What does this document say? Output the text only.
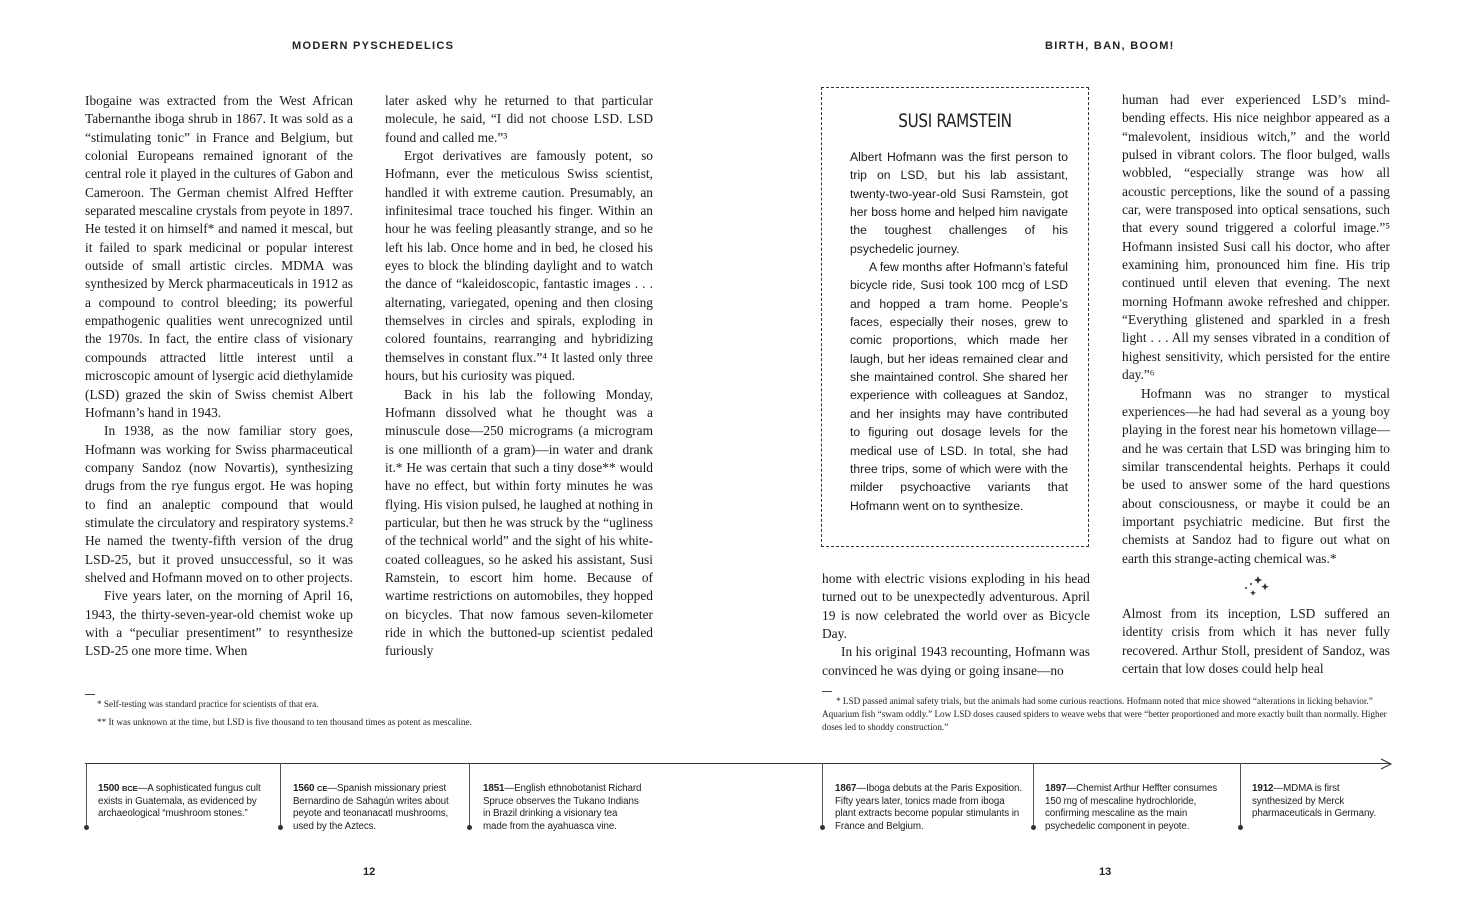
MODERN PYSCHEDELICS	BIRTH, BAN, BOOM!

Ibogaine was extracted from the West African Tabernanthe iboga shrub in 1867. It was sold as a “stimulating tonic” in France and Belgium, but colonial Europeans remained ignorant of the central role it played in the cultures of Gabon and Cameroon. The German chemist Alfred Heffter separated mescaline crystals from peyote in 1897. He tested it on himself* and named it mescal, but it failed to spark medicinal or popular interest outside of small artistic circles. MDMA was synthesized by Merck pharmaceuticals in 1912 as a compound to control bleeding; its powerful empathogenic qualities went unrecognized until the 1970s. In fact, the entire class of visionary compounds attracted little interest until a microscopic amount of lysergic acid diethylamide (LSD) grazed the skin of Swiss chemist Albert Hofmann’s hand in 1943.

In 1938, as the now familiar story goes, Hofmann was working for Swiss pharmaceutical company Sandoz (now Novartis), synthesizing drugs from the rye fungus ergot. He was hoping to find an analeptic compound that would stimulate the circulatory and respiratory systems.² He named the twenty-fifth version of the drug LSD-25, but it proved unsuccessful, so it was shelved and Hofmann moved on to other projects.

Five years later, on the morning of April 16, 1943, the thirty-seven-year-old chemist woke up with a “peculiar presentiment” to resynthesize LSD-25 one more time. When

later asked why he returned to that particular molecule, he said, “I did not choose LSD. LSD found and called me.”³

Ergot derivatives are famously potent, so Hofmann, ever the meticulous Swiss scientist, handled it with extreme caution. Presumably, an infinitesimal trace touched his finger. Within an hour he was feeling pleasantly strange, and so he left his lab. Once home and in bed, he closed his eyes to block the blinding daylight and to watch the dance of “kaleidoscopic, fantastic images . . . alternating, variegated, opening and then closing themselves in circles and spirals, exploding in colored fountains, rearranging and hybridizing themselves in constant flux.”⁴ It lasted only three hours, but his curiosity was piqued.

Back in his lab the following Monday, Hofmann dissolved what he thought was a minuscule dose—250 micrograms (a microgram is one millionth of a gram)—in water and drank it.* He was certain that such a tiny dose** would have no effect, but within forty minutes he was flying. His vision pulsed, he laughed at nothing in particular, but then he was struck by the “ugliness of the technical world” and the sight of his white-coated colleagues, so he asked his assistant, Susi Ramstein, to escort him home. Because of wartime restrictions on automobiles, they hopped on bicycles. That now famous seven-kilometer ride in which the buttoned-up scientist pedaled furiously

* Self-testing was standard practice for scientists of that era.
** It was unknown at the time, but LSD is five thousand to ten thousand times as potent as mescaline.
SUSI RAMSTEIN

Albert Hofmann was the first person to trip on LSD, but his lab assistant, twenty-two-year-old Susi Ramstein, got her boss home and helped him navigate the toughest challenges of his psychedelic journey.

A few months after Hofmann’s fateful bicycle ride, Susi took 100 mcg of LSD and hopped a tram home. People’s faces, especially their noses, grew to comic proportions, which made her laugh, but her ideas remained clear and she maintained control. She shared her experience with colleagues at Sandoz, and her insights may have contributed to figuring out dosage levels for the medical use of LSD. In total, she had three trips, some of which were with the milder psychoactive variants that Hofmann went on to synthesize.

home with electric visions exploding in his head turned out to be unexpectedly adventurous. April 19 is now celebrated the world over as Bicycle Day.

In his original 1943 recounting, Hofmann was convinced he was dying or going insane—no

human had ever experienced LSD’s mind-bending effects. His nice neighbor appeared as a “malevolent, insidious witch,” and the world pulsed in vibrant colors. The floor bulged, walls wobbled, “especially strange was how all acoustic perceptions, like the sound of a passing car, were transposed into optical sensations, such that every sound triggered a colorful image.”⁵ Hofmann insisted Susi call his doctor, who after examining him, pronounced him fine. His trip continued until eleven that evening. The next morning Hofmann awoke refreshed and chipper. “Everything glistened and sparkled in a fresh light . . . All my senses vibrated in a condition of highest sensitivity, which persisted for the entire day.”⁶

Hofmann was no stranger to mystical experiences—he had had several as a young boy playing in the forest near his hometown village—and he was certain that LSD was bringing him to similar transcendental heights. Perhaps it could be used to answer some of the hard questions about consciousness, or maybe it could be an important psychiatric medicine. But first the chemists at Sandoz had to figure out what on earth this strange-acting chemical was.*

Almost from its inception, LSD suffered an identity crisis from which it has never fully recovered. Arthur Stoll, president of Sandoz, was certain that low doses could help heal

* LSD passed animal safety trials, but the animals had some curious reactions. Hofmann noted that mice showed “alterations in licking behavior.” Aquarium fish “swam oddly.” Low LSD doses caused spiders to weave webs that were “better proportioned and more exactly built than normally. Higher doses led to shoddy construction.”
1500 BCE—A sophisticated fungus cult exists in Guatemala, as evidenced by archaeological “mushroom stones.”
1560 CE—Spanish missionary priest Bernardino de Sahagún writes about peyote and teonanacatl mushrooms, used by the Aztecs.
1851—English ethnobotanist Richard Spruce observes the Tukano Indians in Brazil drinking a visionary tea made from the ayahuasca vine.
1867—Iboga debuts at the Paris Exposition. Fifty years later, tonics made from iboga plant extracts become popular stimulants in France and Belgium.
1897—Chemist Arthur Heffter consumes 150 mg of mescaline hydrochloride, confirming mescaline as the main psychedelic component in peyote.
1912—MDMA is first synthesized by Merck pharmaceuticals in Germany.
12	13
